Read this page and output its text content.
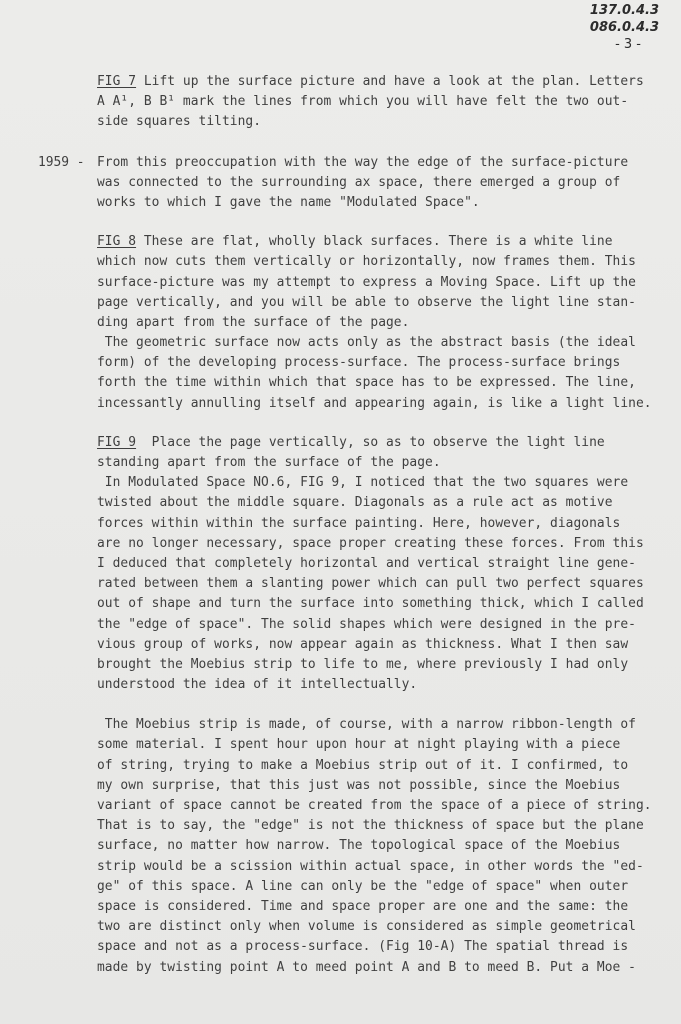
137.0.4.3
086.0.4.3
- 3 -
FIG 7 Lift up the surface picture and have a look at the plan. Letters
A A¹, B B¹ mark the lines from which you will have felt the two out-
side squares tilting.
1959 - From this preoccupation with the way the edge of the surface-picture
was connected to the surrounding ax space, there emerged a group of
works to which I gave the name "Modulated Space".
FIG 8 These are flat, wholly black surfaces. There is a white line
which now cuts them vertically or horizontally, now frames them. This
surface-picture was my attempt to express a Moving Space. Lift up the
page vertically, and you will be able to observe the light line stan-
ding apart from the surface of the page.
The geometric surface now acts only as the abstract basis (the ideal
form) of the developing process-surface. The process-surface brings
forth the time within which that space has to be expressed. The line,
incessantly annulling itself and appearing again, is like a light line.
FIG 9  Place the page vertically, so as to observe the light line
standing apart from the surface of the page.
In Modulated Space NO.6, FIG 9, I noticed that the two squares were
twisted about the middle square. Diagonals as a rule act as motive
forces within within the surface painting. Here, however, diagonals
are no longer necessary, space proper creating these forces. From this
I deduced that completely horizontal and vertical straight line gene-
rated between them a slanting power which can pull two perfect squares
out of shape and turn the surface into something thick, which I called
the "edge of space". The solid shapes which were designed in the pre-
vious group of works, now appear again as thickness. What I then saw
brought the Moebius strip to life to me, where previously I had only
understood the idea of it intellectually.
The Moebius strip is made, of course, with a narrow ribbon-length of
some material. I spent hour upon hour at night playing with a piece
of string, trying to make a Moebius strip out of it. I confirmed, to
my own surprise, that this just was not possible, since the Moebius
variant of space cannot be created from the space of a piece of string.
That is to say, the "edge" is not the thickness of space but the plane
surface, no matter how narrow. The topological space of the Moebius
strip would be a scission within actual space, in other words the "ed-
ge" of this space. A line can only be the "edge of space" when outer
space is considered. Time and space proper are one and the same: the
two are distinct only when volume is considered as simple geometrical
space and not as a process-surface. (Fig 10-A) The spatial thread is
made by twisting point A to meed point A and B to meed B. Put a Moe -
